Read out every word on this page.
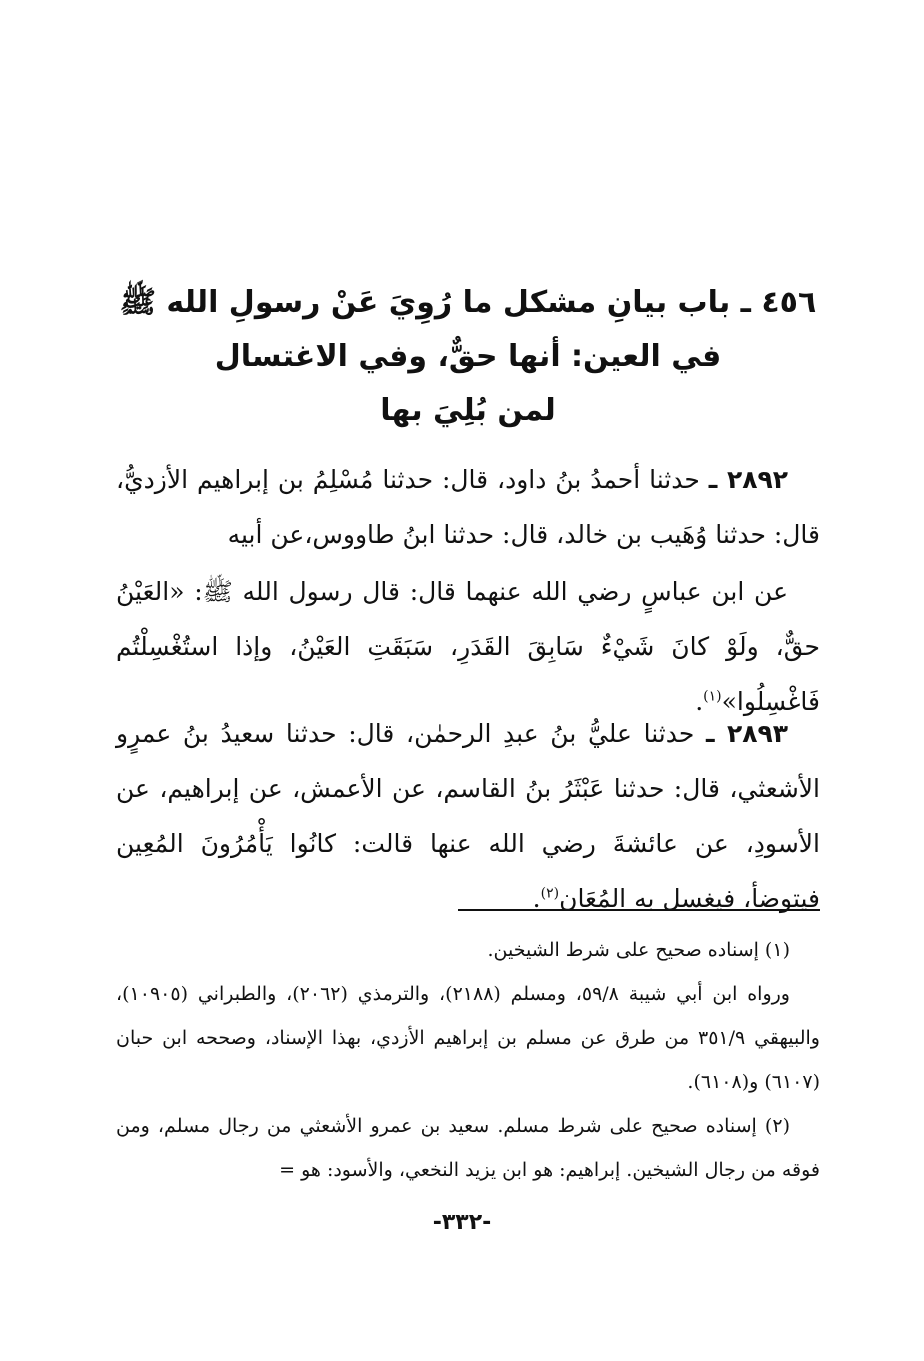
٤٥٦ ـ باب بيانِ مشكل ما رُوِيَ عَنْ رسولِ الله ﷺ
في العين: أنها حقٌّ، وفي الاغتسال
لمن بُلِيَ بها

٢٨٩٢ ـ حدثنا أحمدُ بنُ داود، قال: حدثنا مُسْلِمُ بن إبراهيم الأزديُّ، قال: حدثنا وُهَيب بن خالد، قال: حدثنا ابنُ طاووس،عن أبيه

عن ابن عباسٍ رضي الله عنهما قال: قال رسول الله ﷺ: «العَيْنُ حقٌّ، ولَوْ كانَ شَيْءٌ سَابِقَ القَدَرِ، سَبَقَتِ العَيْنُ، وإذا استُغْسِلْتُم فَاغْسِلُوا»$^{(١)}$.

٢٨٩٣ ـ حدثنا عليُّ بنُ عبدِ الرحمٰن، قال: حدثنا سعيدُ بنُ عمرٍو الأشعثي، قال: حدثنا عَبْثَرُ بنُ القاسم، عن الأعمش، عن إبراهيم، عن الأسودِ، عن عائشةَ رضي الله عنها قالت: كانُوا يَأْمُرُونَ المُعِين فيتوضأ، فيغسل به المُعَان$^{(٢)}$.

(١) إسناده صحيح على شرط الشيخين.

ورواه ابن أبي شيبة ٥٩/٨، ومسلم (٢١٨٨)، والترمذي (٢٠٦٢)، والطبراني (١٠٩٠٥)، والبيهقي ٣٥١/٩ من طرق عن مسلم بن إبراهيم الأزدي، بهذا الإسناد، وصححه ابن حبان (٦١٠٧) و(٦١٠٨).

(٢) إسناده صحيح على شرط مسلم. سعيد بن عمرو الأشعثي من رجال مسلم، ومن فوقه من رجال الشيخين. إبراهيم: هو ابن يزيد النخعي، والأسود: هو =

-٣٣٢-
